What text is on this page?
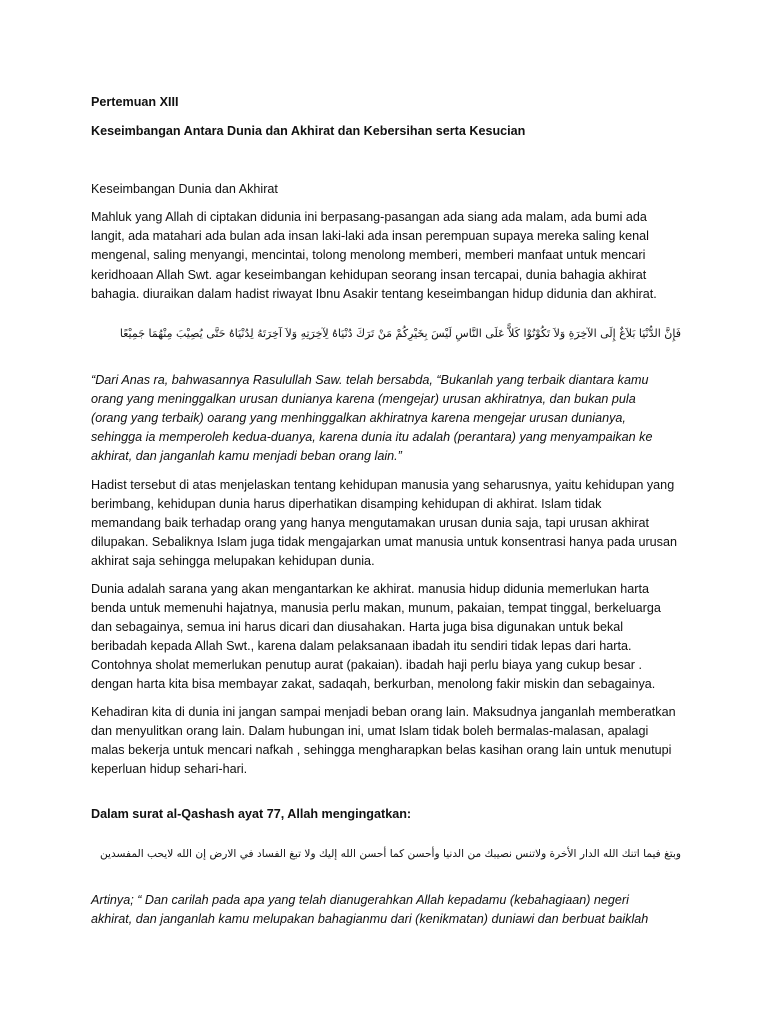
Pertemuan XIII

Keseimbangan Antara Dunia dan Akhirat dan Kebersihan serta Kesucian

Keseimbangan Dunia dan Akhirat

Mahluk yang Allah di ciptakan didunia ini berpasang-pasangan ada siang ada malam, ada bumi ada

langit, ada matahari ada bulan ada insan laki-laki ada insan perempuan supaya mereka saling kenal

mengenal, saling menyangi, mencintai, tolong menolong memberi, memberi manfaat untuk mencari

keridhoaan Allah Swt. agar keseimbangan kehidupan seorang insan tercapai, dunia bahagia akhirat

bahagia. diuraikan dalam hadist riwayat Ibnu Asakir tentang keseimbangan hidup didunia dan akhirat.

فَإِنَّ الدُّنْيَا بَلاَغٌ إِلَى الآخِرَةِ وَلاَ تَكُوْنُوْا كَلاًّ عَلَى النَّاسِ لَيْسَ بِخَيْرِكُمْ مَنْ تَرَكَ دُنْيَاهُ لِآخِرَتِهِ وَلاَ آخِرَتَهُ لِدُنْيَاهُ حَتَّى يُصِيْبَ مِنْهُمَا جَمِيْعًا

“Dari Anas ra, bahwasannya Rasulullah Saw. telah bersabda, “Bukanlah yang terbaik diantara kamu

orang yang meninggalkan urusan dunianya karena (mengejar) urusan akhiratnya, dan bukan pula

(orang yang terbaik) oarang yang menhinggalkan akhiratnya karena mengejar urusan dunianya,

sehingga ia memperoleh kedua-duanya, karena dunia itu adalah (perantara) yang menyampaikan ke

akhirat, dan janganlah kamu menjadi beban orang lain.”

Hadist tersebut di atas menjelaskan tentang kehidupan manusia yang seharusnya, yaitu kehidupan yang

berimbang, kehidupan dunia harus diperhatikan disamping kehidupan di akhirat. Islam tidak

memandang baik terhadap orang yang hanya mengutamakan urusan dunia saja, tapi urusan akhirat

dilupakan. Sebaliknya Islam juga tidak mengajarkan umat manusia untuk konsentrasi hanya pada urusan

akhirat saja sehingga melupakan kehidupan dunia.

Dunia adalah sarana yang akan mengantarkan ke akhirat. manusia hidup didunia memerlukan harta

benda untuk memenuhi hajatnya, manusia perlu makan, munum, pakaian, tempat tinggal, berkeluarga

dan sebagainya, semua ini harus dicari dan diusahakan. Harta juga bisa digunakan untuk bekal

beribadah kepada Allah Swt., karena dalam pelaksanaan ibadah itu sendiri tidak lepas dari harta.

Contohnya sholat memerlukan penutup aurat (pakaian). ibadah haji perlu biaya yang cukup besar .

dengan harta kita bisa membayar zakat, sadaqah, berkurban, menolong fakir miskin dan sebagainya.

Kehadiran kita di dunia ini jangan sampai menjadi beban orang lain. Maksudnya janganlah memberatkan

dan menyulitkan orang lain. Dalam hubungan ini, umat Islam tidak boleh bermalas-malasan, apalagi

malas bekerja untuk mencari nafkah , sehingga mengharapkan belas kasihan orang lain untuk menutupi

keperluan hidup sehari-hari.

Dalam surat al-Qashash ayat 77, Allah mengingatkan:

وبتغ فيما اتنك الله الدار الأخرة ولاتنس نصيبك من الدنيا وأحسن كما أحسن الله إليك ولا تبغ الفساد في الارض إن الله لايحب المفسدين

Artinya; “ Dan carilah pada apa yang telah dianugerahkan Allah kepadamu (kebahagiaan) negeri

akhirat, dan janganlah kamu melupakan bahagianmu dari (kenikmatan) duniawi dan berbuat baiklah
